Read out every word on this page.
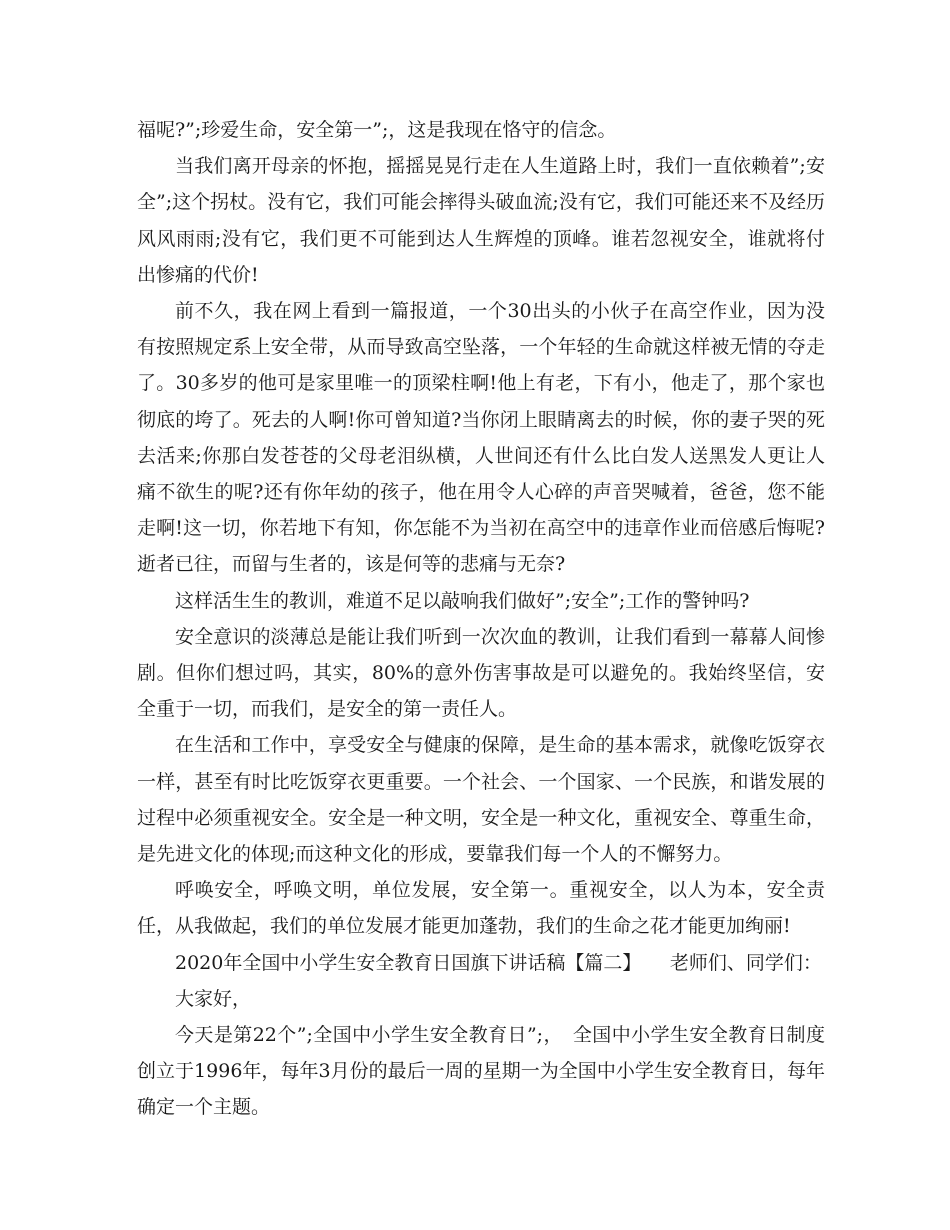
福呢?”;珍爱生命，安全第一”;，这是我现在恪守的信念。

当我们离开母亲的怀抱，摇摇晃晃行走在人生道路上时，我们一直依赖着”;安全”;这个拐杖。没有它，我们可能会摔得头破血流;没有它，我们可能还来不及经历风风雨雨;没有它，我们更不可能到达人生辉煌的顶峰。谁若忽视安全，谁就将付出惨痛的代价!

前不久，我在网上看到一篇报道，一个30出头的小伙子在高空作业，因为没有按照规定系上安全带，从而导致高空坠落，一个年轻的生命就这样被无情的夺走了。30多岁的他可是家里唯一的顶梁柱啊!他上有老，下有小，他走了，那个家也彻底的垮了。死去的人啊!你可曾知道?当你闭上眼睛离去的时候，你的妻子哭的死去活来;你那白发苍苍的父母老泪纵横，人世间还有什么比白发人送黑发人更让人痛不欲生的呢?还有你年幼的孩子，他在用令人心碎的声音哭喊着，爸爸，您不能走啊!这一切，你若地下有知，你怎能不为当初在高空中的违章作业而倍感后悔呢?逝者已往，而留与生者的，该是何等的悲痛与无奈?

这样活生生的教训，难道不足以敲响我们做好”;安全”;工作的警钟吗?

安全意识的淡薄总是能让我们听到一次次血的教训，让我们看到一幕幕人间惨剧。但你们想过吗，其实，80%的意外伤害事故是可以避免的。我始终坚信，安全重于一切，而我们，是安全的第一责任人。

在生活和工作中，享受安全与健康的保障，是生命的基本需求，就像吃饭穿衣一样，甚至有时比吃饭穿衣更重要。一个社会、一个国家、一个民族，和谐发展的过程中必须重视安全。安全是一种文明，安全是一种文化，重视安全、尊重生命，是先进文化的体现;而这种文化的形成，要靠我们每一个人的不懈努力。

呼唤安全，呼唤文明，单位发展，安全第一。重视安全，以人为本，安全责任，从我做起，我们的单位发展才能更加蓬勃，我们的生命之花才能更加绚丽!

2020年全国中小学生安全教育日国旗下讲话稿【篇二】　　老师们、同学们：

大家好，

今天是第22个”;全国中小学生安全教育日”;，　全国中小学生安全教育日制度创立于1996年，每年3月份的最后一周的星期一为全国中小学生安全教育日，每年确定一个主题。
